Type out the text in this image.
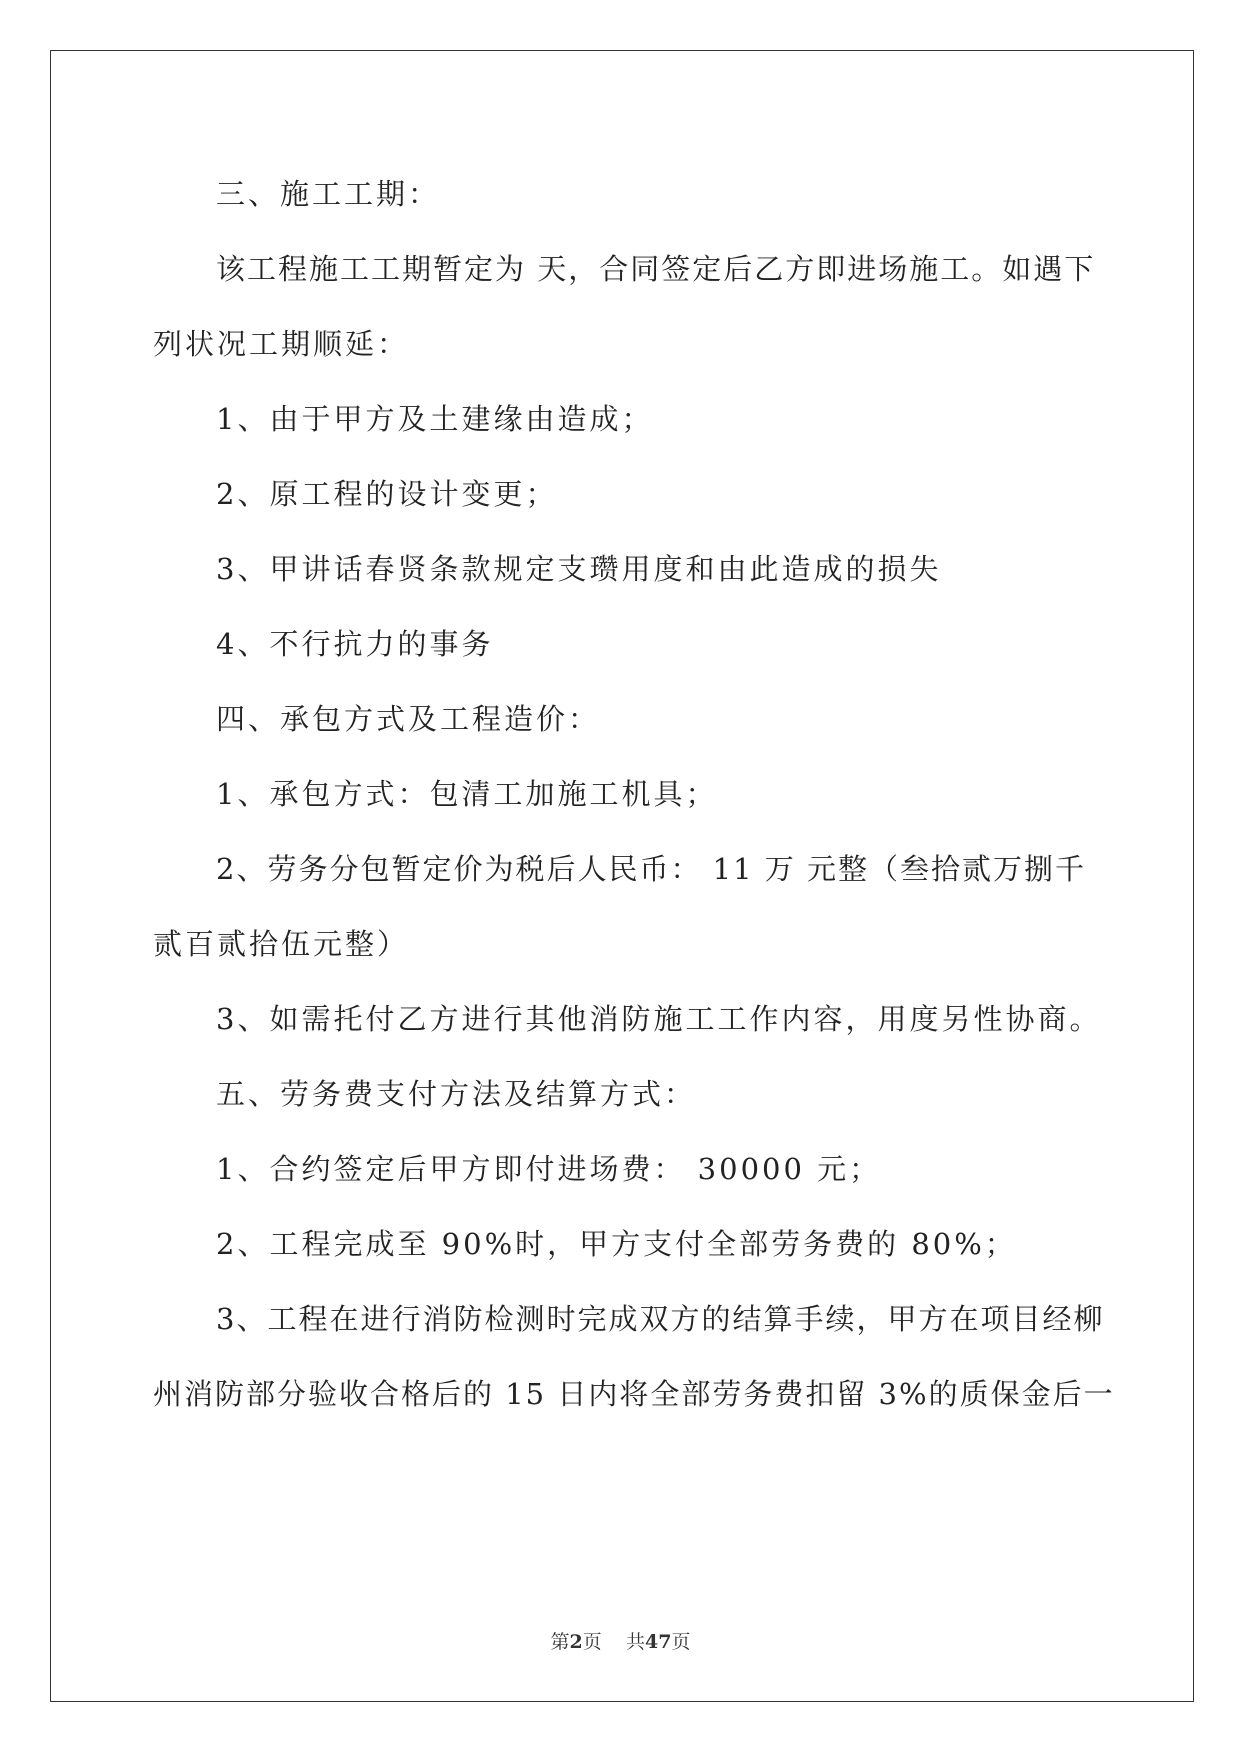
三、施工工期：
该工程施工工期暂定为 天，合同签定后乙方即进场施工。如遇下
列状况工期顺延：
1、由于甲方及土建缘由造成；
2、原工程的设计变更；
3、甲讲话春贤条款规定支瓒用度和由此造成的损失
4、不行抗力的事务
四、承包方式及工程造价：
1、承包方式：包清工加施工机具；
2、劳务分包暂定价为税后人民币： 11 万 元整（叁拾贰万捌千
贰百贰拾伍元整）
3、如需托付乙方进行其他消防施工工作内容，用度另性协商。
五、劳务费支付方法及结算方式：
1、合约签定后甲方即付进场费： 30000 元；
2、工程完成至 90%时，甲方支付全部劳务费的 80%；
3、工程在进行消防检测时完成双方的结算手续，甲方在项目经柳
州消防部分验收合格后的 15 日内将全部劳务费扣留 3%的质保金后一
第2页 共47页
